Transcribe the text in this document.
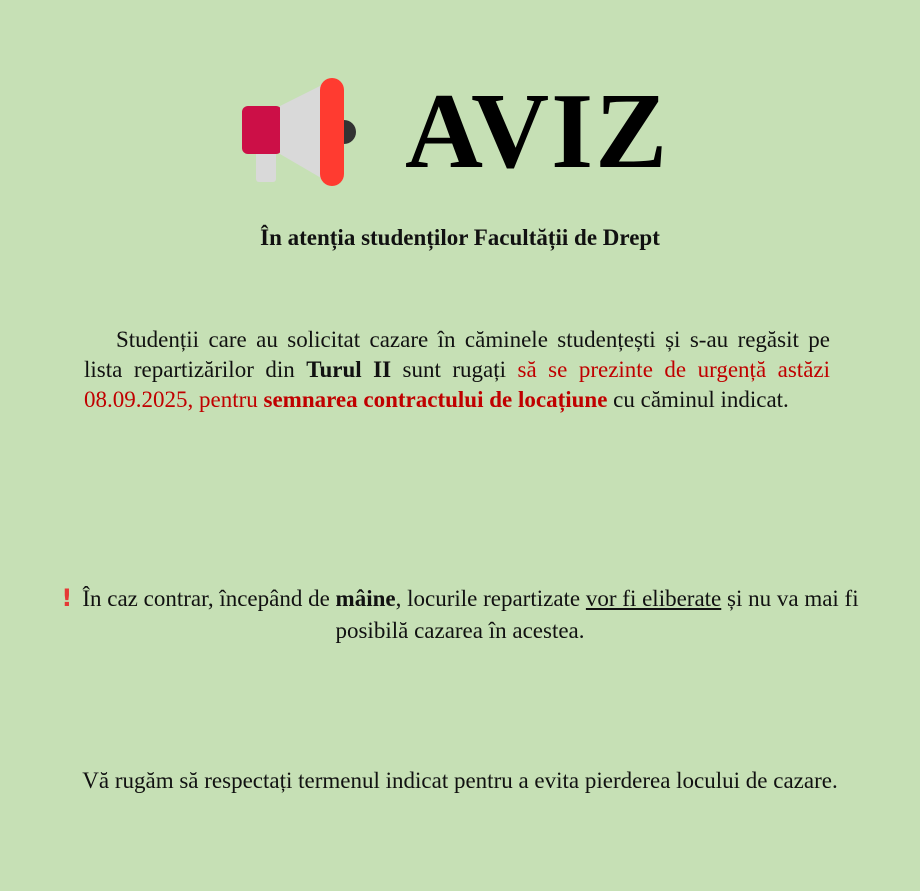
AVIZ
În atenția studenților Facultății de Drept

Studenții care au solicitat cazare în căminele studențești și s-au regăsit pe lista repartizărilor din Turul II sunt rugați să se prezinte de urgență astăzi 08.09.2025, pentru semnarea contractului de locațiune cu căminul indicat.

! În caz contrar, începând de mâine, locurile repartizate vor fi eliberate și nu va mai fi posibilă cazarea în acestea.
Vă rugăm să respectați termenul indicat pentru a evita pierderea locului de cazare.
